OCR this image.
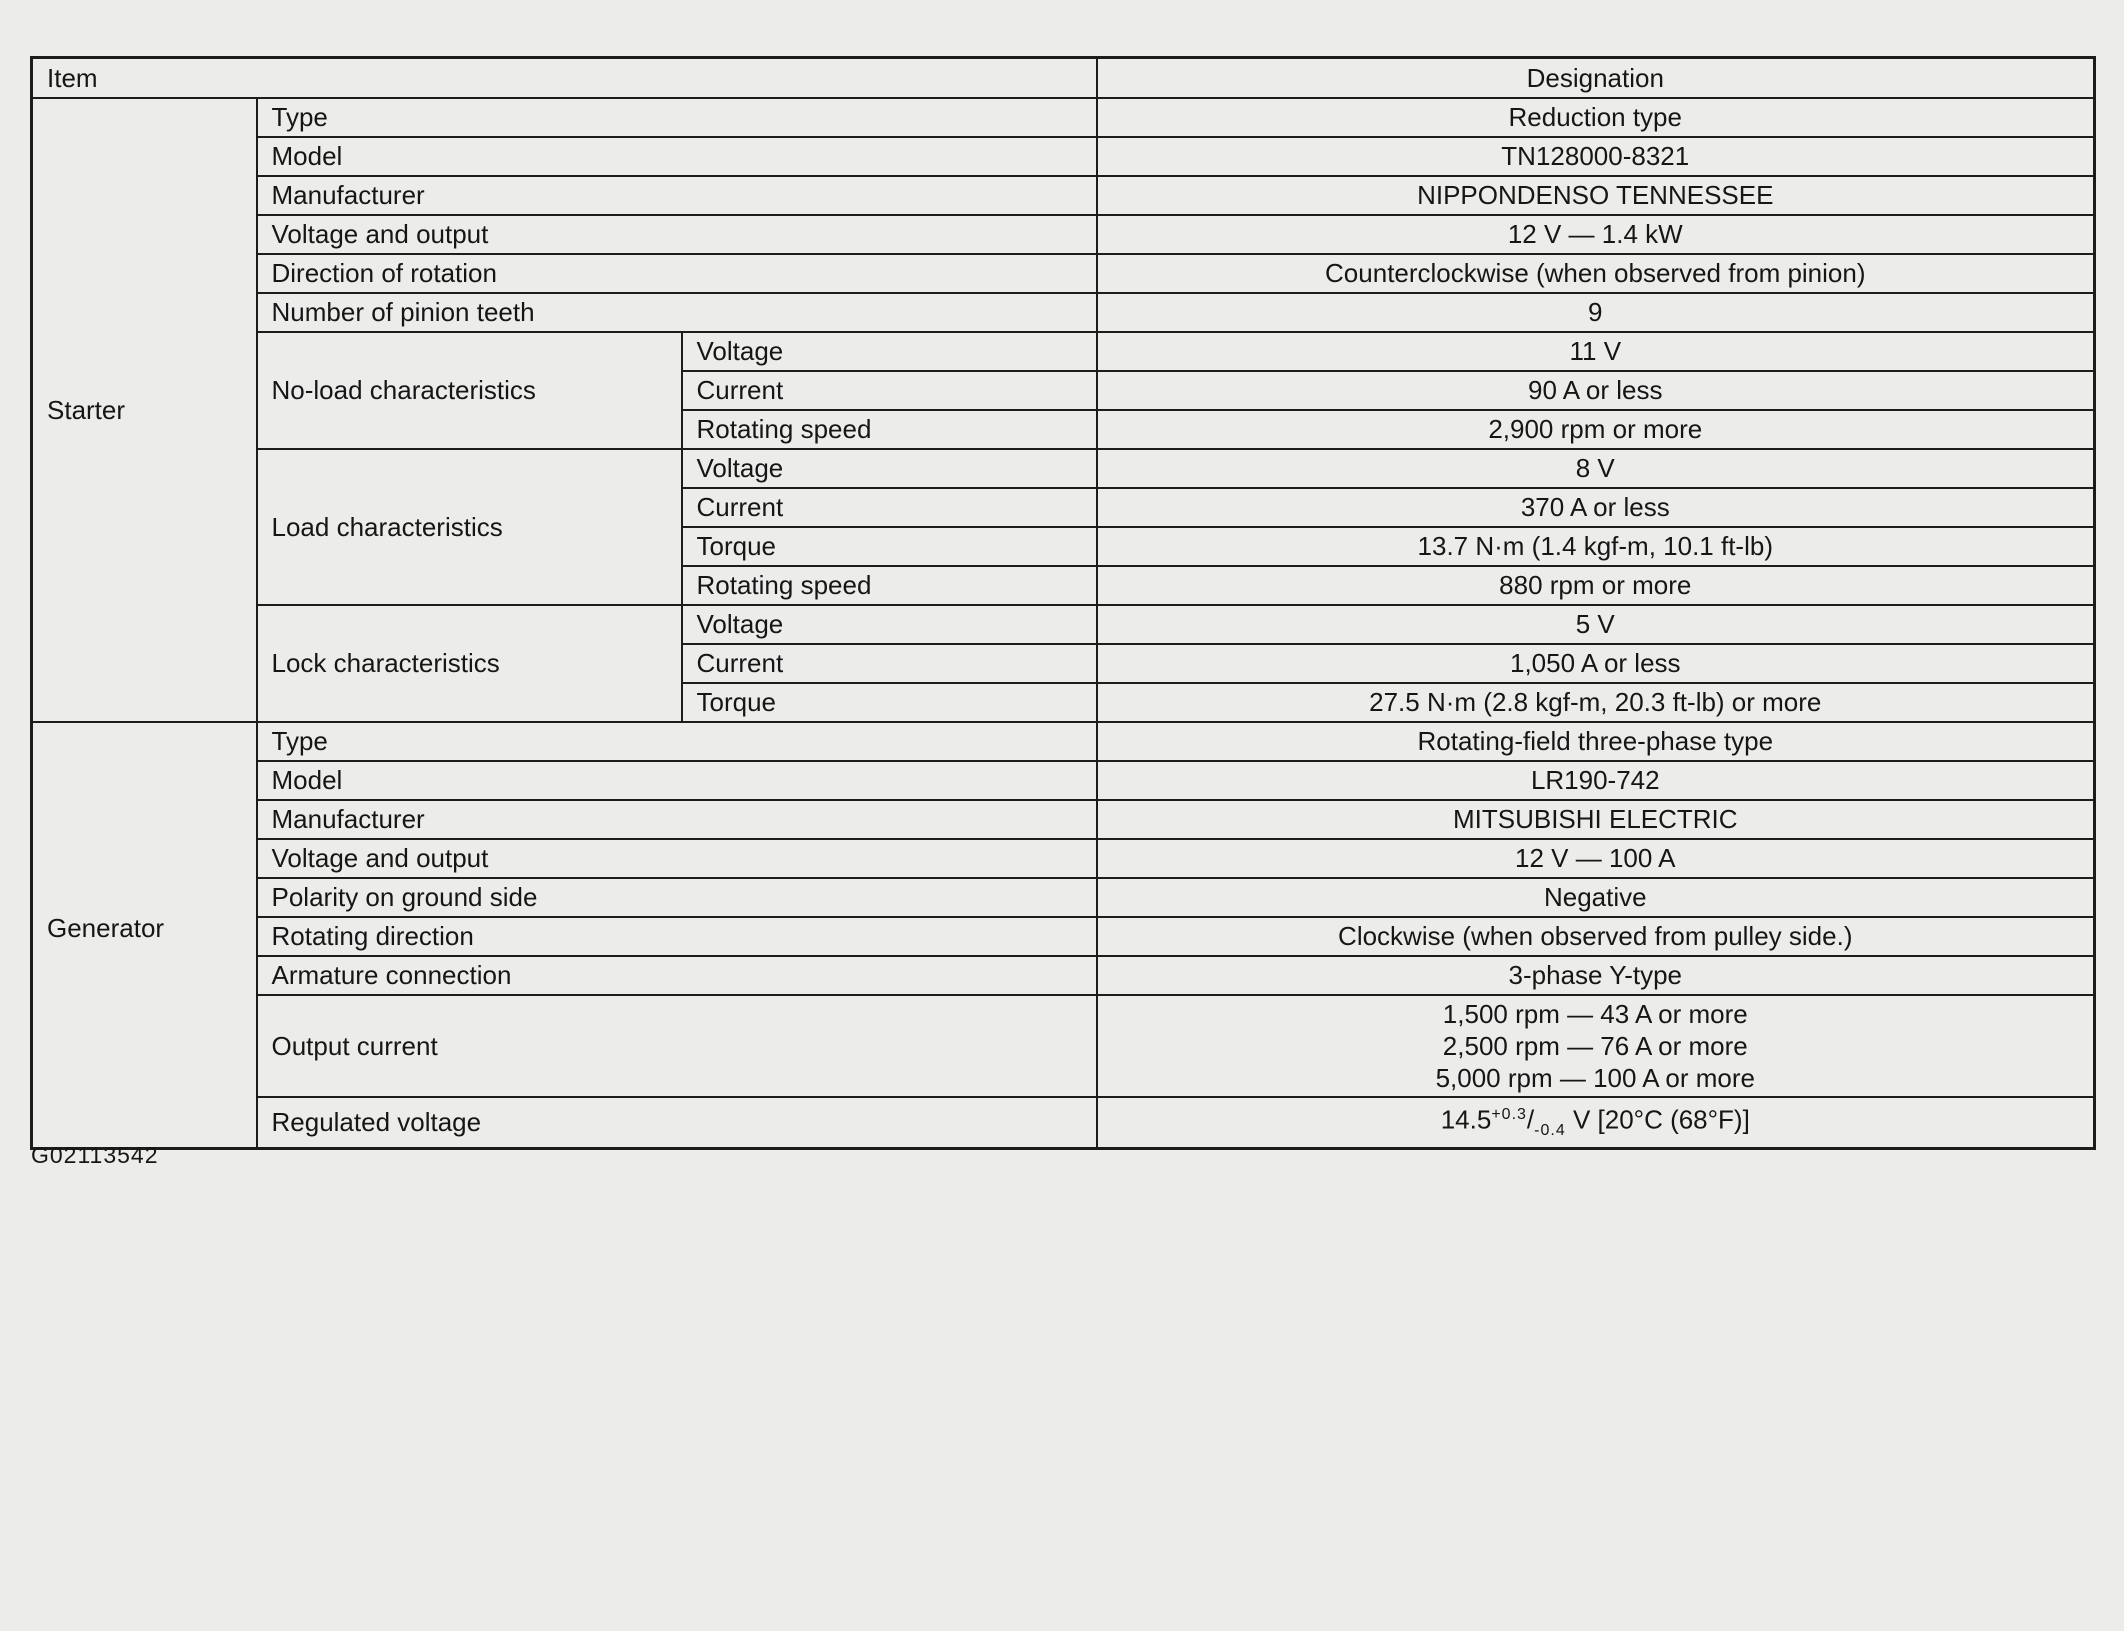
Item			Designation
Starter	Type		Reduction type
	Model		TN128000-8321
	Manufacturer		NIPPONDENSO TENNESSEE
	Voltage and output		12 V — 1.4 kW
	Direction of rotation		Counterclockwise (when observed from pinion)
	Number of pinion teeth		9
	No-load characteristics	Voltage	11 V
		Current	90 A or less
		Rotating speed	2,900 rpm or more
	Load characteristics	Voltage	8 V
		Current	370 A or less
		Torque	13.7 N·m (1.4 kgf-m, 10.1 ft-lb)
		Rotating speed	880 rpm or more
	Lock characteristics	Voltage	5 V
		Current	1,050 A or less
		Torque	27.5 N·m (2.8 kgf-m, 20.3 ft-lb) or more
Generator	Type		Rotating-field three-phase type
	Model		LR190-742
	Manufacturer		MITSUBISHI ELECTRIC
	Voltage and output		12 V — 100 A
	Polarity on ground side		Negative
	Rotating direction		Clockwise (when observed from pulley side.)
	Armature connection		3-phase Y-type
	Output current		1,500 rpm — 43 A or more
2,500 rpm — 76 A or more
5,000 rpm — 100 A or more

	Regulated voltage		$14.5^{+0.3}/_{-0.4}$ V [20°C (68°F)]
G02113542
